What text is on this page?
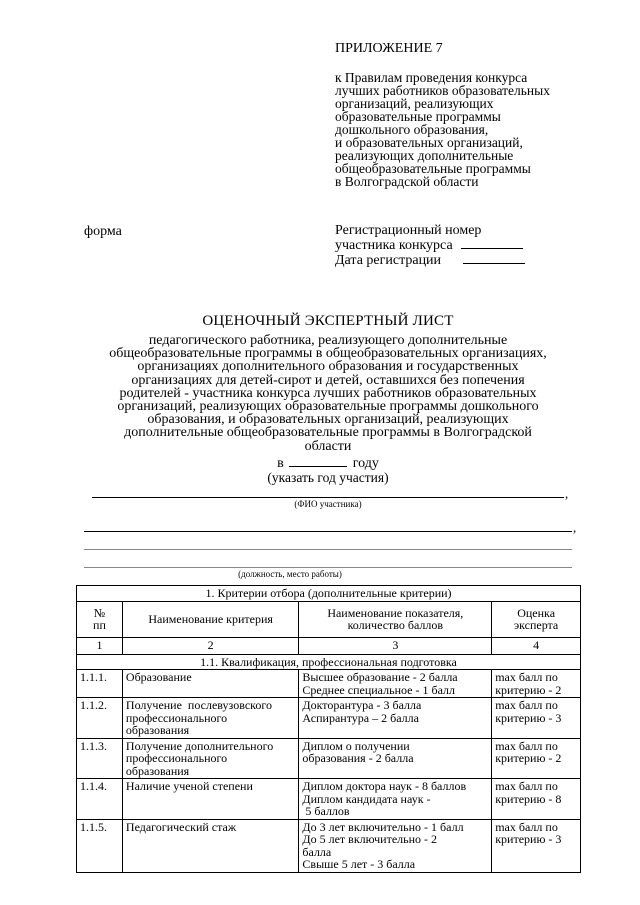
ПРИЛОЖЕНИЕ 7
к Правилам проведения конкурса
лучших работников образовательных
организаций, реализующих
образовательные программы
дошкольного образования,
и образовательных организаций,
реализующих дополнительные
общеобразовательные программы
в Волгоградской области
форма	Регистрационный номер
участника конкурса
Дата регистрации
ОЦЕНОЧНЫЙ ЭКСПЕРТНЫЙ ЛИСТ
педагогического работника, реализующего дополнительные
общеобразовательные программы в общеобразовательных организациях,
организациях дополнительного образования и государственных
организациях для детей-сирот и детей, оставшихся без попечения
родителей - участника конкурса лучших работников образовательных
организаций, реализующих образовательные программы дошкольного
образования, и образовательных организаций, реализующих
дополнительные общеобразовательные программы в Волгоградской
области
в	году
(указать год участия)
,
(ФИО участника)
,
(должность, место работы)
1. Критерии отбора (дополнительные критерии)			

№
пп	Наименование критерия	Наименование показателя,
количество баллов	Оценка
эксперта

1	2	3	4
1.1. Квалификация, профессиональная подготовка			
1.1.1.	Образование	Высшее образование - 2 балла
Среднее специальное - 1 балл	max балл по
критерию - 2

1.1.2.	Получение  послевузовского
профессионального
образования	Докторантура - 3 балла
Аспирантура – 2 балла	max балл по
критерию - 3

1.1.3.	Получение дополнительного
профессионального
образования	Диплом о получении
образования - 2 балла	max балл по
критерию - 2

1.1.4.	Наличие ученой степени	Диплом доктора наук - 8 баллов
Диплом кандидата наук -
5 баллов	max балл по
критерию - 8

1.1.5.	Педагогический стаж	До 3 лет включительно - 1 балл
До 5 лет включительно - 2
балла
Свыше 5 лет - 3 балла	max балл по
критерию - 3
